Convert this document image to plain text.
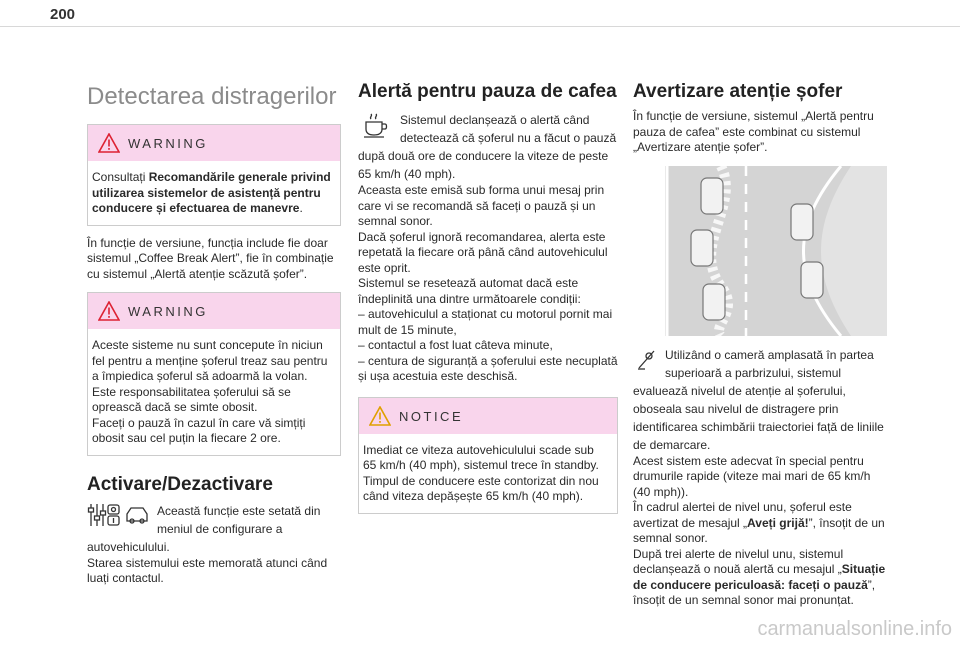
200
Detectarea distragerilor
WARNING
Consultați Recomandările generale privind utilizarea sistemelor de asistență pentru conducere și efectuarea de manevre.

În funcție de versiune, funcția include fie doar sistemul „Coffee Break Alert”, fie în combinație cu sistemul „Alertă atenție scăzută șofer”.

WARNING
Aceste sisteme nu sunt concepute în niciun fel pentru a menține șoferul treaz sau pentru a împiedica șoferul să adoarmă la volan.
Este responsabilitatea șoferului să se oprească dacă se simte obosit.
Faceți o pauză în cazul în care vă simțiți obosit sau cel puțin la fiecare 2 ore.
Activare/Dezactivare
Această funcție este setată din meniul de configurare a autovehiculului.

Starea sistemului este memorată atunci când luați contactul.

Alertă pentru pauza de cafea
Sistemul declanșează o alertă când detectează că șoferul nu a făcut o pauză după două ore de conducere la viteze de peste 65 km/h (40 mph).

Aceasta este emisă sub forma unui mesaj prin care vi se recomandă să faceți o pauză și un semnal sonor.

Dacă șoferul ignoră recomandarea, alerta este repetată la fiecare oră până când autovehiculul este oprit.

Sistemul se resetează automat dacă este îndeplinită una dintre următoarele condiții:

– autovehiculul a staționat cu motorul pornit mai mult de 15 minute,

– contactul a fost luat câteva minute,

– centura de siguranță a șoferului este necuplată și ușa acestuia este deschisă.

NOTICE
Imediat ce viteza autovehiculului scade sub 65 km/h (40 mph), sistemul trece în standby.
Timpul de conducere este contorizat din nou când viteza depășește 65 km/h (40 mph).
Avertizare atenție șofer

În funcție de versiune, sistemul „Alertă pentru pauza de cafea” este combinat cu sistemul „Avertizare atenție șofer”.

Utilizând o cameră amplasată în partea superioară a parbrizului, sistemul evaluează nivelul de atenție al șoferului, oboseala sau nivelul de distragere prin identificarea schimbării traiectoriei față de liniile de demarcare.

Acest sistem este adecvat în special pentru drumurile rapide (viteze mai mari de 65 km/h (40 mph)).

În cadrul alertei de nivel unu, șoferul este avertizat de mesajul „Aveți grijă!”, însoțit de un semnal sonor.

După trei alerte de nivelul unu, sistemul declanșează o nouă alertă cu mesajul „Situație de conducere periculoasă: faceți o pauză”, însoțit de un semnal sonor mai pronunțat.

carmanualsonline.info
